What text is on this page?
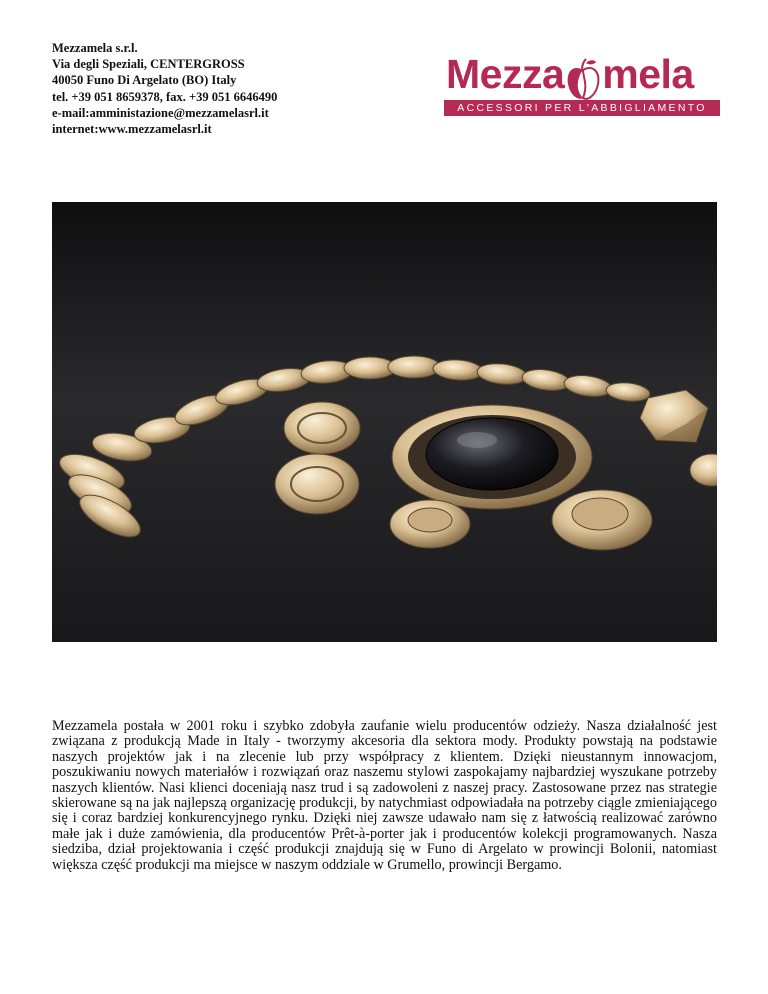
Mezzamela s.r.l.
Via degli Speziali, CENTERGROSS
40050 Funo Di Argelato (BO) Italy
tel. +39 051 8659378, fax. +39 051 6646490
e-mail:amministazione@mezzamelasrl.it
internet:www.mezzamelasrl.it
Mezza mela
ACCESSORI PER L'ABBIGLIAMENTO
Mezzamela postała w 2001 roku i szybko zdobyła zaufanie wielu producentów odzieży. Nasza działalność jest związana z produkcją Made in Italy - tworzymy akcesoria dla sektora mody. Produkty powstają na podstawie naszych projektów jak i na zlecenie lub przy współpracy z klientem. Dzięki nieustannym innowacjom, poszukiwaniu nowych materiałów i rozwiązań oraz naszemu stylowi zaspokajamy najbardziej wyszukane potrzeby naszych klientów. Nasi klienci doceniają nasz trud i są zadowoleni z naszej pracy. Zastosowane przez nas strategie skierowane są na jak najlepszą organizację produkcji, by natychmiast odpowiadała na potrzeby ciągle zmieniającego się i coraz bardziej konkurencyjnego rynku. Dzięki niej zawsze udawało nam się z łatwością realizować zarówno małe jak i duże zamówienia, dla producentów Prêt-à-porter jak i producentów kolekcji programowanych. Nasza siedziba, dział projektowania i część produkcji znajdują się w Funo di Argelato w prowincji Bolonii, natomiast większa część produkcji ma miejsce w naszym oddziale w Grumello, prowincji Bergamo.
